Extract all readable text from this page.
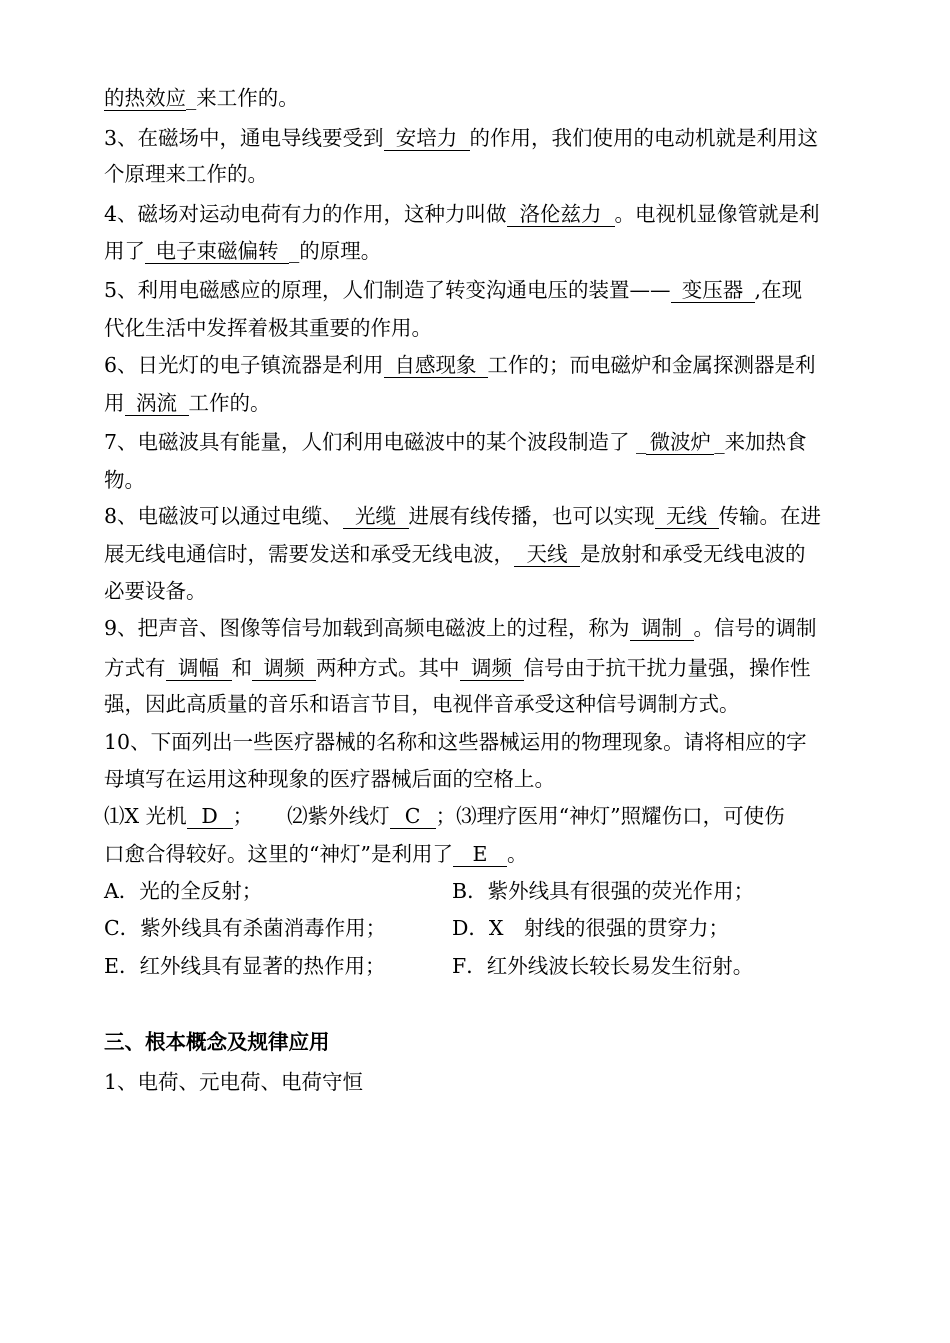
的热效应_来工作的。
3、在磁场中，通电导线要受到 安培力 的作用，我们使用的电动机就是利用这
个原理来工作的。
4、磁场对运动电荷有力的作用，这种力叫做 洛伦兹力 。电视机显像管就是利
用了 电子束磁偏转 _的原理。
5、利用电磁感应的原理，人们制造了转变沟通电压的装置—— 变压器 ,在现
代化生活中发挥着极其重要的作用。
6、日光灯的电子镇流器是利用 自感现象 工作的；而电磁炉和金属探测器是利
用 涡流 工作的。
7、电磁波具有能量，人们利用电磁波中的某个波段制造了 _ 微波炉 _来加热食
物。
8、电磁波可以通过电缆、 光缆 进展有线传播，也可以实现 无线 传输。在进
展无线电通信时，需要发送和承受无线电波， 天线 是放射和承受无线电波的
必要设备。
9、把声音、图像等信号加载到高频电磁波上的过程，称为 调制 。信号的调制
方式有 调幅 和 调频 两种方式。其中 调频 信号由于抗干扰力量强，操作性
强，因此高质量的音乐和语言节目，电视伴音承受这种信号调制方式。
10、下面列出一些医疗器械的名称和这些器械运用的物理现象。请将相应的字
母填写在运用这种现象的医疗器械后面的空格上。
⑴X 光机 D ； ⑵紫外线灯 C ；⑶理疗医用“神灯”照耀伤口，可使伤
口愈合得较好。这里的“神灯”是利用了 E 。
A．光的全反射；	B．紫外线具有很强的荧光作用；
C．紫外线具有杀菌消毒作用；	D．X　射线的很强的贯穿力；
E．红外线具有显著的热作用；	F．红外线波长较长易发生衍射。
三、根本概念及规律应用
1、电荷、元电荷、电荷守恒
